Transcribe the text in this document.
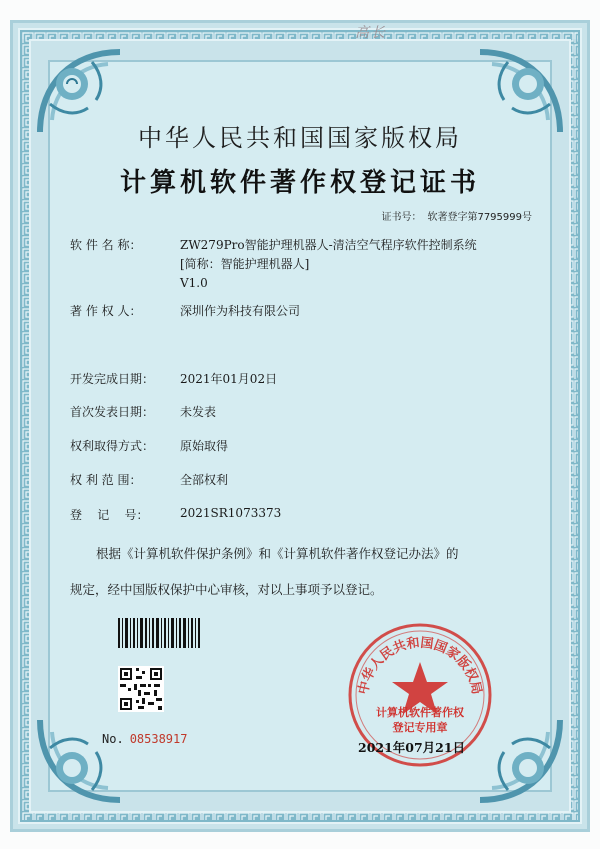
高长
中华人民共和国国家版权局
计算机软件著作权登记证书
证书号： 软著登字第7795999号
软 件 名 称：	ZW279Pro智能护理机器人-清洁空气程序软件控制系统
[简称：智能护理机器人]
V1.0
著 作 权 人：	深圳作为科技有限公司
开发完成日期： 2021年01月02日
首次发表日期： 未发表
权利取得方式： 原始取得
权 利 范 围：	全部权利
登    记    号：	2021SR1073373
根据《计算机软件保护条例》和《计算机软件著作权登记办法》的
规定，经中国版权保护中心审核，对以上事项予以登记。
No. 08538917
中华人民共和国国家版权局
计算机软件著作权
登记专用章
2021年07月21日
